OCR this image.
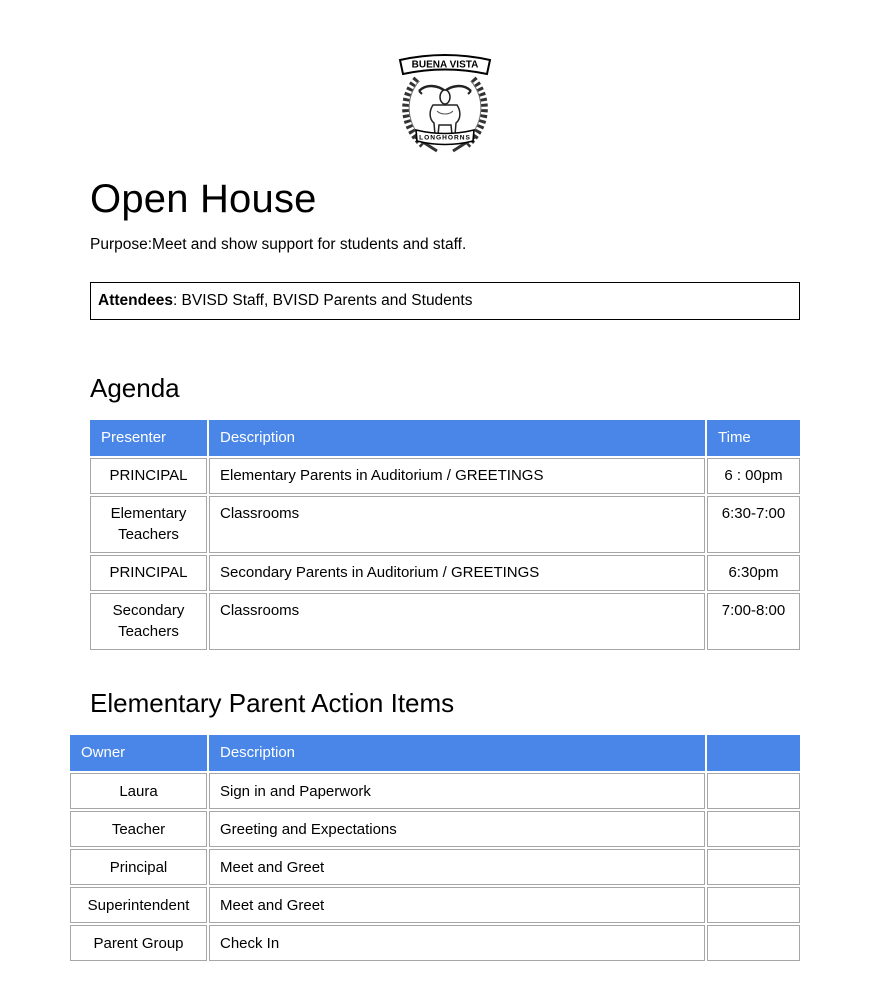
BUENA VISTA
LONGHORNS
Open House

Purpose:Meet and show support for students and staff.

Attendees: BVISD Staff, BVISD Parents and Students
Agenda
Presenter	Description	Time
PRINCIPAL	Elementary Parents in Auditorium / GREETINGS	6 : 00pm
Elementary Teachers	Classrooms	6:30-7:00
PRINCIPAL	Secondary Parents in Auditorium / GREETINGS	6:30pm
Secondary Teachers	Classrooms	7:00-8:00
Elementary Parent Action Items
Owner	Description	
Laura	Sign in and Paperwork	
Teacher	Greeting and Expectations	
Principal	Meet and Greet	
Superintendent	Meet and Greet	
Parent Group	Check In	
